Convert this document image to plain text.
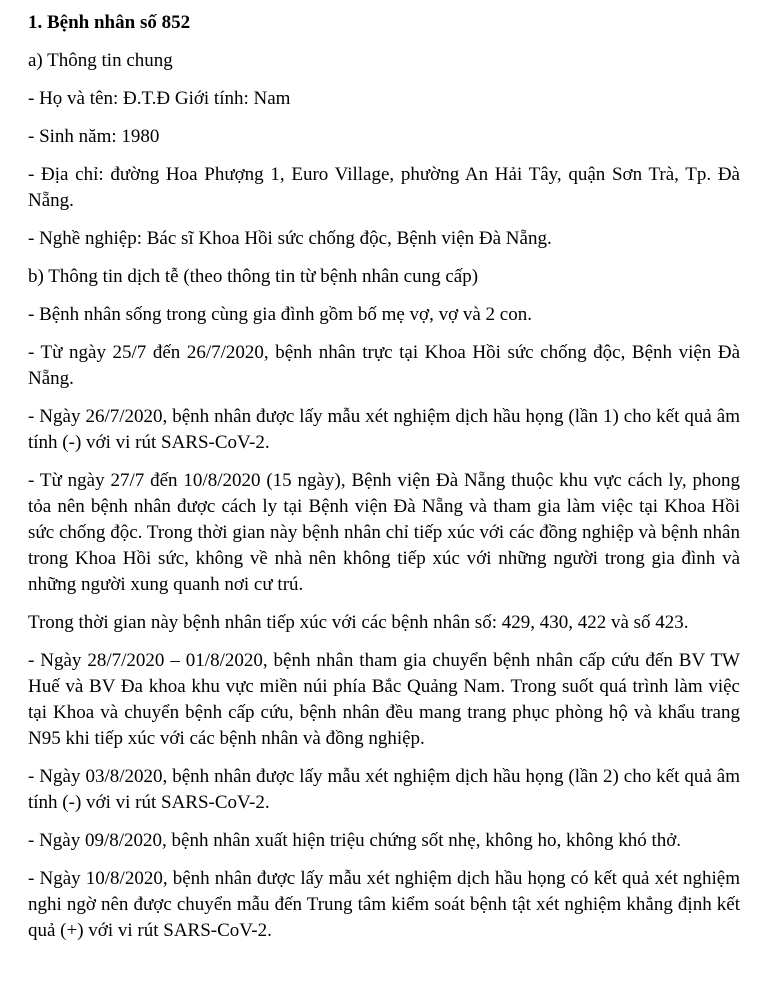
1. Bệnh nhân số 852

a) Thông tin chung

- Họ và tên: Đ.T.Đ Giới tính: Nam

- Sinh năm: 1980

- Địa chỉ: đường Hoa Phượng 1, Euro Village, phường An Hải Tây, quận Sơn Trà, Tp. Đà Nẵng.

- Nghề nghiệp: Bác sĩ Khoa Hồi sức chống độc, Bệnh viện Đà Nẵng.

b) Thông tin dịch tễ (theo thông tin từ bệnh nhân cung cấp)

- Bệnh nhân sống trong cùng gia đình gồm bố mẹ vợ, vợ và 2 con.

- Từ ngày 25/7 đến 26/7/2020, bệnh nhân trực tại Khoa Hồi sức chống độc, Bệnh viện Đà Nẵng.

- Ngày 26/7/2020, bệnh nhân được lấy mẫu xét nghiệm dịch hầu họng (lần 1) cho kết quả âm tính (-) với vi rút SARS-CoV-2.

- Từ ngày 27/7 đến 10/8/2020 (15 ngày), Bệnh viện Đà Nẵng thuộc khu vực cách ly, phong tỏa nên bệnh nhân được cách ly tại Bệnh viện Đà Nẵng và tham gia làm việc tại Khoa Hồi sức chống độc. Trong thời gian này bệnh nhân chỉ tiếp xúc với các đồng nghiệp và bệnh nhân trong Khoa Hồi sức, không về nhà nên không tiếp xúc với những người trong gia đình và những người xung quanh nơi cư trú.

Trong thời gian này bệnh nhân tiếp xúc với các bệnh nhân số: 429, 430, 422 và số 423.

- Ngày 28/7/2020 – 01/8/2020, bệnh nhân tham gia chuyển bệnh nhân cấp cứu đến BV TW Huế và BV Đa khoa khu vực miền núi phía Bắc Quảng Nam. Trong suốt quá trình làm việc tại Khoa và chuyển bệnh cấp cứu, bệnh nhân đều mang trang phục phòng hộ và khẩu trang N95 khi tiếp xúc với các bệnh nhân và đồng nghiệp.

- Ngày 03/8/2020, bệnh nhân được lấy mẫu xét nghiệm dịch hầu họng (lần 2) cho kết quả âm tính (-) với vi rút SARS-CoV-2.

- Ngày 09/8/2020, bệnh nhân xuất hiện triệu chứng sốt nhẹ, không ho, không khó thở.

- Ngày 10/8/2020, bệnh nhân được lấy mẫu xét nghiệm dịch hầu họng có kết quả xét nghiệm nghi ngờ nên được chuyển mẫu đến Trung tâm kiểm soát bệnh tật xét nghiệm khẳng định kết quả (+) với vi rút SARS-CoV-2.
